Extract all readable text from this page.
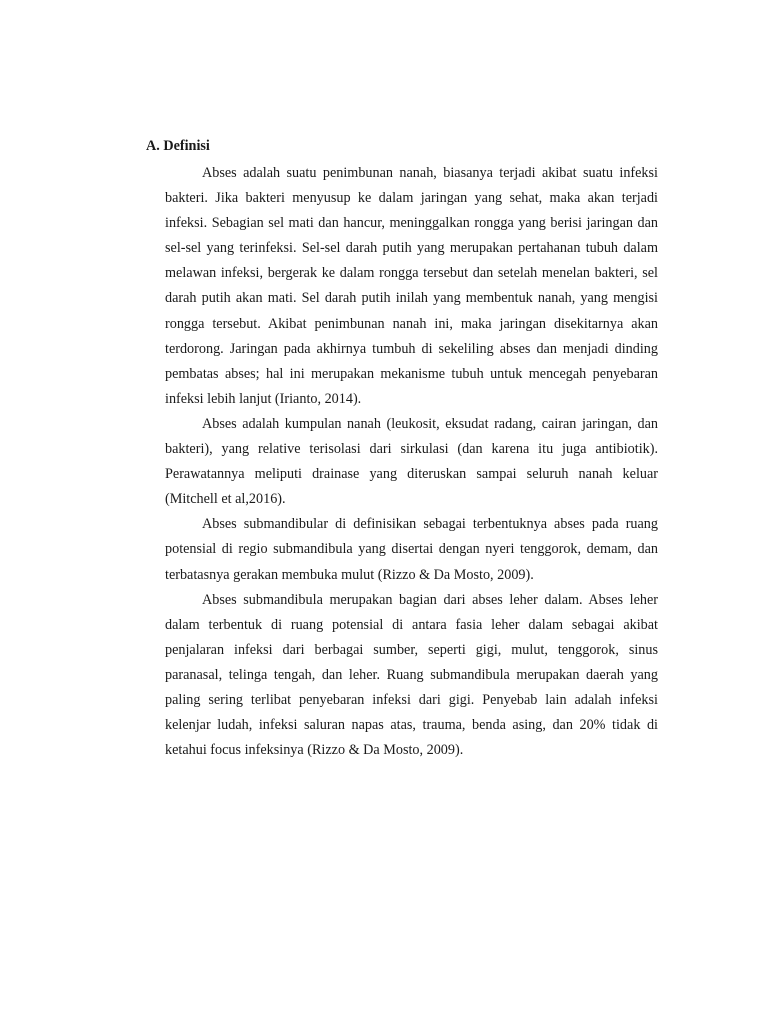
A. Definisi

Abses adalah suatu penimbunan nanah, biasanya terjadi akibat suatu infeksi bakteri. Jika bakteri menyusup ke dalam jaringan yang sehat, maka akan terjadi infeksi. Sebagian sel mati dan hancur, meninggalkan rongga yang berisi jaringan dan sel-sel yang terinfeksi. Sel-sel darah putih yang merupakan pertahanan tubuh dalam melawan infeksi, bergerak ke dalam rongga tersebut dan setelah menelan bakteri, sel darah putih akan mati. Sel darah putih inilah yang membentuk nanah, yang mengisi rongga tersebut. Akibat penimbunan nanah ini, maka jaringan disekitarnya akan terdorong. Jaringan pada akhirnya tumbuh di sekeliling abses dan menjadi dinding pembatas abses; hal ini merupakan mekanisme tubuh untuk mencegah penyebaran infeksi lebih lanjut (Irianto, 2014).

Abses adalah kumpulan nanah (leukosit, eksudat radang, cairan jaringan, dan bakteri), yang relative terisolasi dari sirkulasi (dan karena itu juga antibiotik). Perawatannya meliputi drainase yang diteruskan sampai seluruh nanah keluar (Mitchell et al,2016).

Abses submandibular di definisikan sebagai terbentuknya abses pada ruang potensial di regio submandibula yang disertai dengan nyeri tenggorok, demam, dan terbatasnya gerakan membuka mulut (Rizzo & Da Mosto, 2009).

Abses submandibula merupakan bagian dari abses leher dalam. Abses leher dalam terbentuk di ruang potensial di antara fasia leher dalam sebagai akibat penjalaran infeksi dari berbagai sumber, seperti gigi, mulut, tenggorok, sinus paranasal, telinga tengah, dan leher. Ruang submandibula merupakan daerah yang paling sering terlibat penyebaran infeksi dari gigi. Penyebab lain adalah infeksi kelenjar ludah, infeksi saluran napas atas, trauma, benda asing, dan 20% tidak di ketahui focus infeksinya (Rizzo & Da Mosto, 2009).
